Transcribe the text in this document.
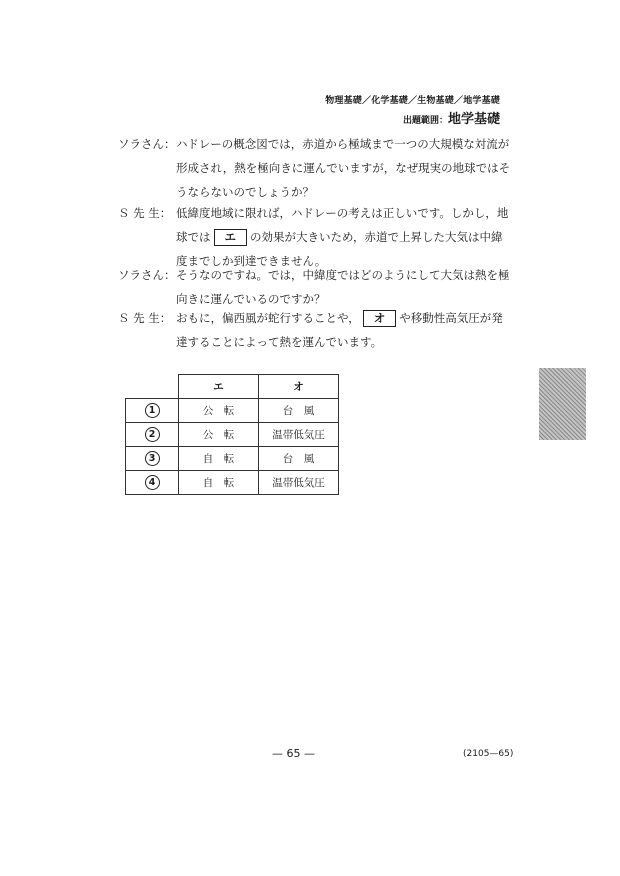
物理基礎／化学基礎／生物基礎／地学基礎
出題範囲：地学基礎
ソラさん： ハドレーの概念図では，赤道から極域まで一つの大規模な対流が
形成され，熱を極向きに運んでいますが，なぜ現実の地球ではそ
うならないのでしょうか？
Ｓ 先 生： 低緯度地域に限れば，ハドレーの考えは正しいです。しかし，地
球では エ の効果が大きいため，赤道で上昇した大気は中緯
度までしか到達できません。
ソラさん： そうなのですね。では，中緯度ではどのようにして大気は熱を極
向きに運んでいるのですか？
Ｓ 先 生： おもに，偏西風が蛇行することや， オ や移動性高気圧が発
達することによって熱を運んでいます。
	エ	オ
1	公　転	台　風
2	公　転	温帯低気圧
3	自　転	台　風
4	自　転	温帯低気圧
— 65 —	(2105—65)
